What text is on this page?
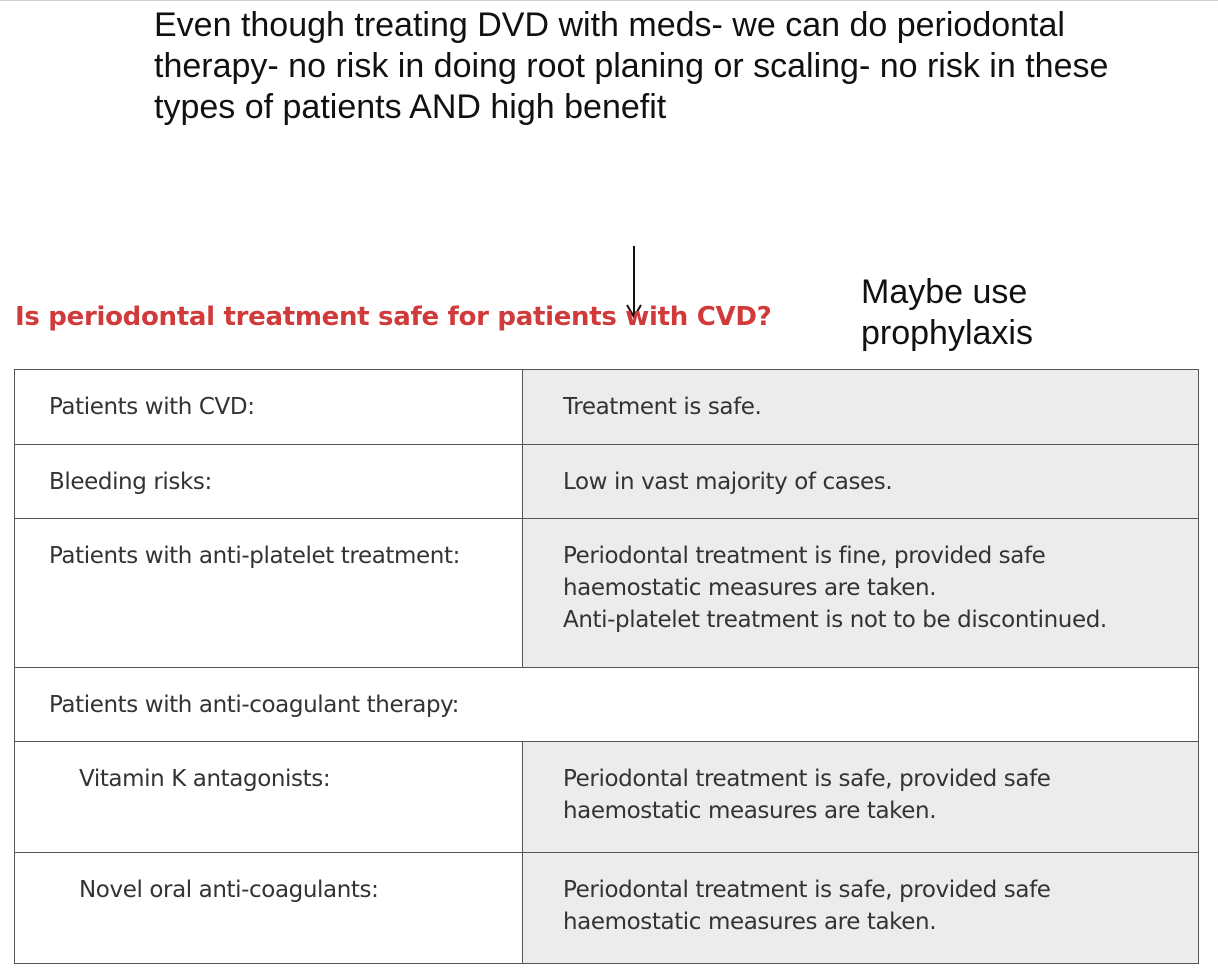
Even though treating DVD with meds- we can do periodontal therapy- no risk in doing root planing or scaling- no risk in these types of patients AND high benefit
Maybe use prophylaxis
Is periodontal treatment safe for patients with CVD?
Patients with CVD:	Treatment is safe.

Bleeding risks:	Low in vast majority of cases.

Patients with anti-platelet treatment:	Periodontal treatment is fine, provided safe
haemostatic measures are taken.
Anti-platelet treatment is not to be discontinued.

Patients with anti-coagulant therapy:	
Vitamin K antagonists:	Periodontal treatment is safe, provided safe
haemostatic measures are taken.

Novel oral anti-coagulants:	Periodontal treatment is safe, provided safe
haemostatic measures are taken.
